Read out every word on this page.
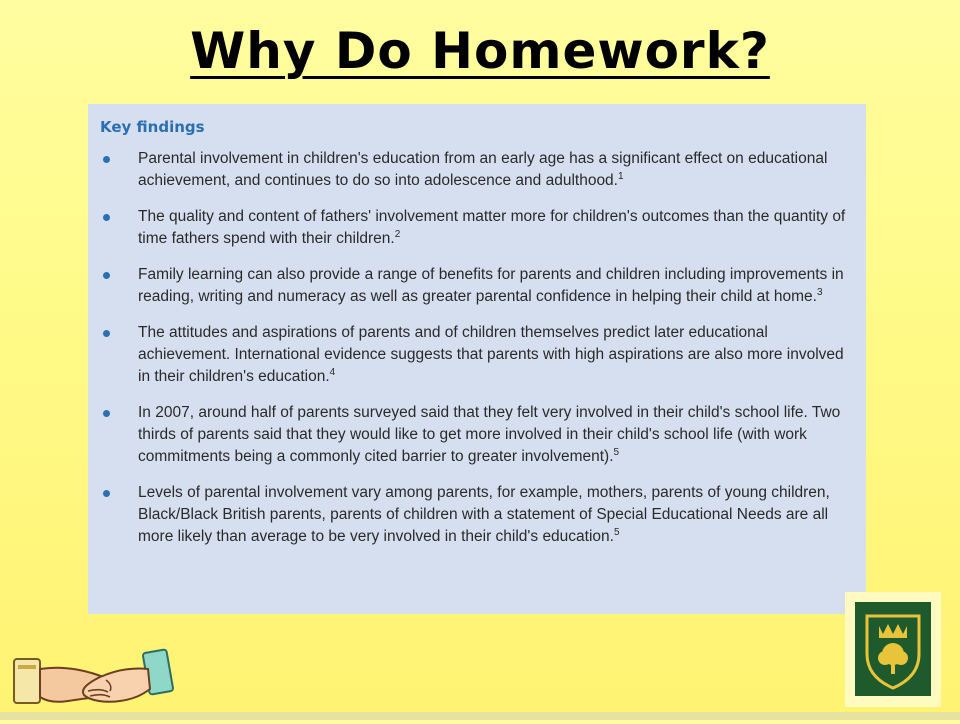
Why Do Homework?
Key findings
Parental involvement in children's education from an early age has a significant effect on educational achievement, and continues to do so into adolescence and adulthood.$^1$
The quality and content of fathers' involvement matter more for children's outcomes than the quantity of time fathers spend with their children.$^2$
Family learning can also provide a range of benefits for parents and children including improvements in reading, writing and numeracy as well as greater parental confidence in helping their child at home.$^3$
The attitudes and aspirations of parents and of children themselves predict later educational achievement. International evidence suggests that parents with high aspirations are also more involved in their children's education.$^4$
In 2007, around half of parents surveyed said that they felt very involved in their child's school life. Two thirds of parents said that they would like to get more involved in their child's school life (with work commitments being a commonly cited barrier to greater involvement).$^5$
Levels of parental involvement vary among parents, for example, mothers, parents of young children, Black/Black British parents, parents of children with a statement of Special Educational Needs are all more likely than average to be very involved in their child's education.$^5$
